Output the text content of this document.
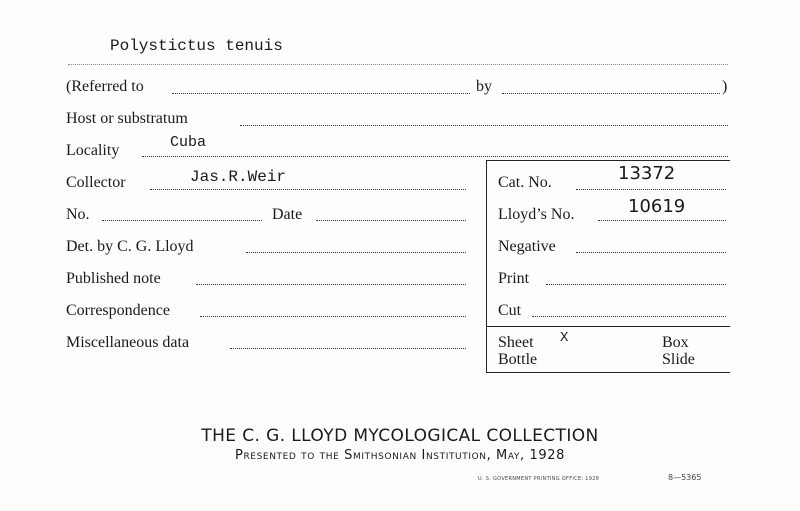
Polystictus tenuis
(Referred to	by	)
Host or substratum
Locality	Cuba
Collector	Jas.R.Weir
No.	Date
Det. by C. G. Lloyd
Published note
Correspondence
Miscellaneous data
Cat. No.	13372
Lloyd’s No.	10619
Negative
Print
Cut
Sheet X	Box
Bottle	Slide
THE C. G. LLOYD MYCOLOGICAL COLLECTION
Presented to the Smithsonian Institution, May, 1928
U. S. GOVERNMENT PRINTING OFFICE: 1928	8—5365
